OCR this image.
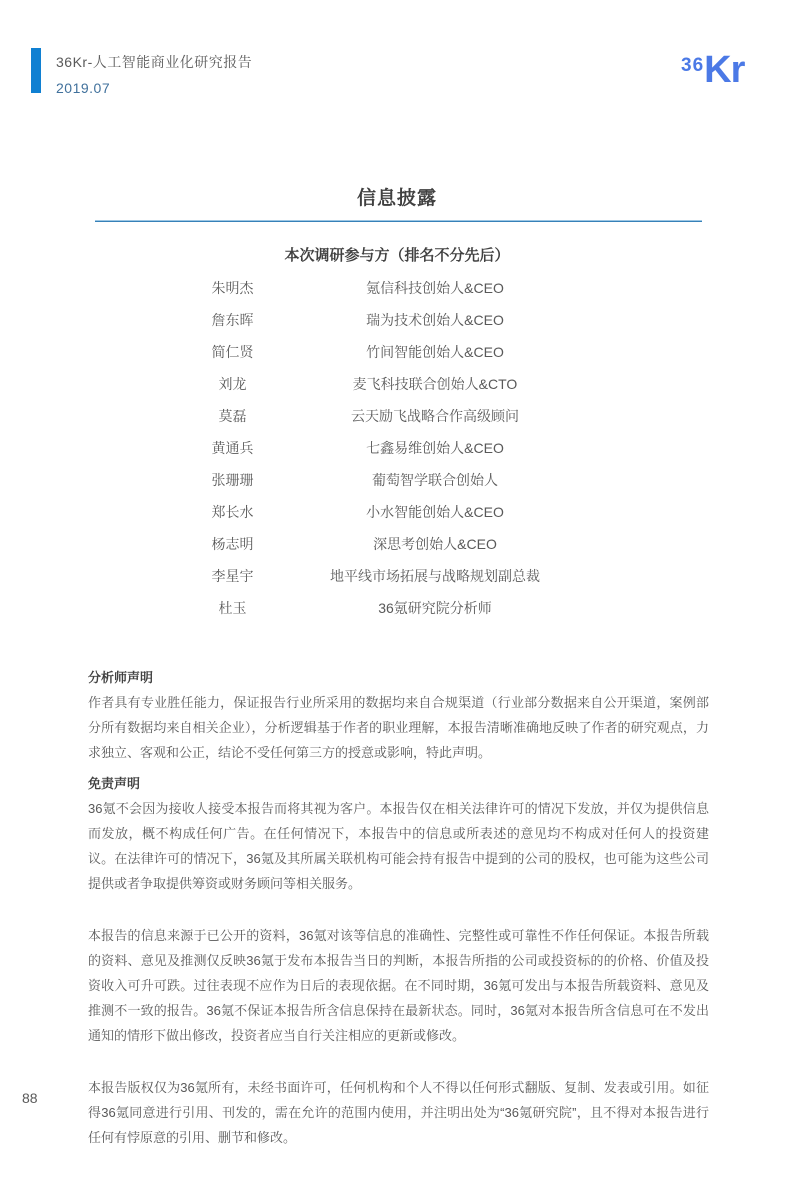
36Kr-人工智能商业化研究报告
2019.07
36 Kr
信息披露
本次调研参与方（排名不分先后）
朱明杰	氪信科技创始人&CEO
詹东晖	瑞为技术创始人&CEO
简仁贤	竹间智能创始人&CEO
刘龙	麦飞科技联合创始人&CTO
莫磊	云天励飞战略合作高级顾问
黄通兵	七鑫易维创始人&CEO
张珊珊	葡萄智学联合创始人
郑长水	小水智能创始人&CEO
杨志明	深思考创始人&CEO
李星宇	地平线市场拓展与战略规划副总裁
杜玉	36氪研究院分析师
分析师声明

作者具有专业胜任能力，保证报告行业所采用的数据均来自合规渠道（行业部分数据来自公开渠道，案例部分所有数据均来自相关企业），分析逻辑基于作者的职业理解，本报告清晰准确地反映了作者的研究观点，力求独立、客观和公正，结论不受任何第三方的授意或影响，特此声明。

免责声明

36氪不会因为接收人接受本报告而将其视为客户。本报告仅在相关法律许可的情况下发放，并仅为提供信息而发放，概不构成任何广告。在任何情况下，本报告中的信息或所表述的意见均不构成对任何人的投资建议。在法律许可的情况下，36氪及其所属关联机构可能会持有报告中提到的公司的股权，也可能为这些公司提供或者争取提供筹资或财务顾问等相关服务。

本报告的信息来源于已公开的资料，36氪对该等信息的准确性、完整性或可靠性不作任何保证。本报告所载的资料、意见及推测仅反映36氪于发布本报告当日的判断，本报告所指的公司或投资标的的价格、价值及投资收入可升可跌。过往表现不应作为日后的表现依据。在不同时期，36氪可发出与本报告所载资料、意见及推测不一致的报告。36氪不保证本报告所含信息保持在最新状态。同时，36氪对本报告所含信息可在不发出通知的情形下做出修改，投资者应当自行关注相应的更新或修改。

本报告版权仅为36氪所有，未经书面许可，任何机构和个人不得以任何形式翻版、复制、发表或引用。如征得36氪同意进行引用、刊发的，需在允许的范围内使用，并注明出处为“36氪研究院”，且不得对本报告进行任何有悖原意的引用、删节和修改。

88
